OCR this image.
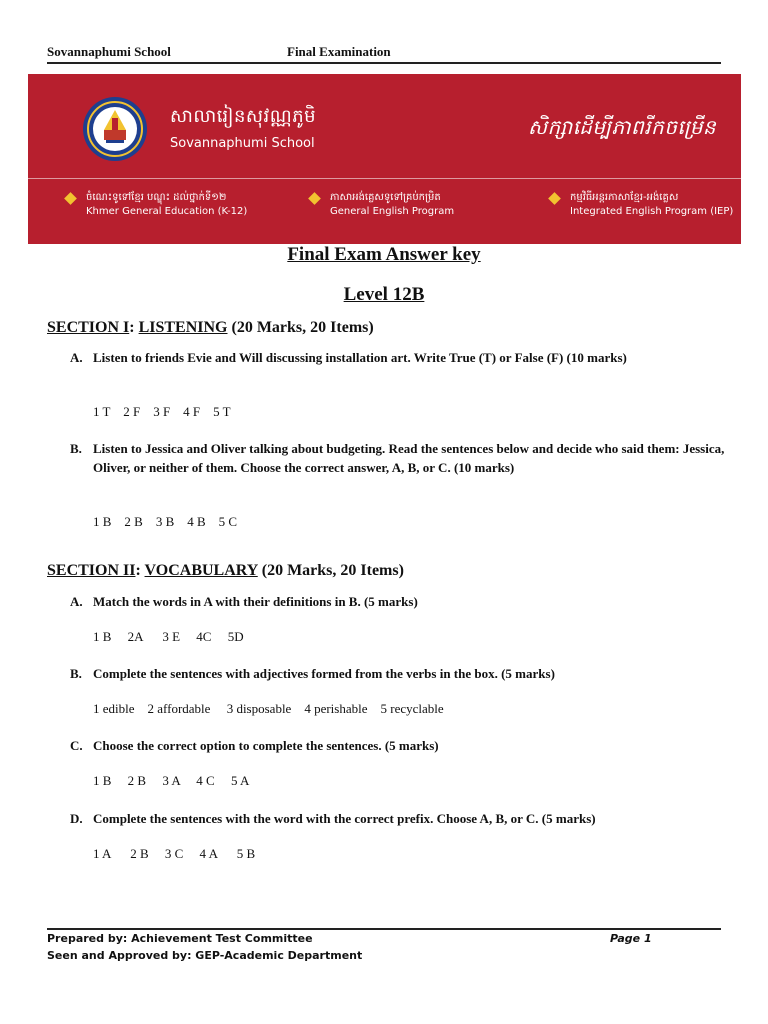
Sovannaphumi School	Final Examination
សាលារៀនសុវណ្ណភូមិ
Sovannaphumi School
សិក្សាដើម្បីភាពរីកចម្រើន
ចំណេះទូទៅខ្មែរ បណ្ឌុះ ដល់ថ្នាក់ទី១២
Khmer General Education (K-12)
ភាសាអង់គ្លេសទូទៅគ្រប់កម្រិត
General English Program
កម្មវិធីអន្តរភាសាខ្មែរ-អង់គ្លេស
Integrated English Program (IEP)
Final Exam Answer key
Level 12B
SECTION I: LISTENING (20 Marks, 20 Items)
A. Listen to friends Evie and Will discussing installation art. Write True (T) or False (F) (10 marks)
1 T    2 F    3 F    4 F    5 T
B. Listen to Jessica and Oliver talking about budgeting. Read the sentences below and decide who said them: Jessica, Oliver, or neither of them. Choose the correct answer, A, B, or C. (10 marks)
1 B    2 B    3 B    4 B    5 C
SECTION II: VOCABULARY (20 Marks, 20 Items)
A. Match the words in A with their definitions in B. (5 marks)
1 B     2A      3 E     4C     5D
B. Complete the sentences with adjectives formed from the verbs in the box. (5 marks)
1 edible    2 affordable     3 disposable    4 perishable    5 recyclable
C. Choose the correct option to complete the sentences. (5 marks)
1 B     2 B     3 A     4 C     5 A
D. Complete the sentences with the word with the correct prefix. Choose A, B, or C. (5 marks)
1 A      2 B     3 C     4 A      5 B
Prepared by: Achievement Test Committee
Seen and Approved by: GEP-Academic Department
Page 1
